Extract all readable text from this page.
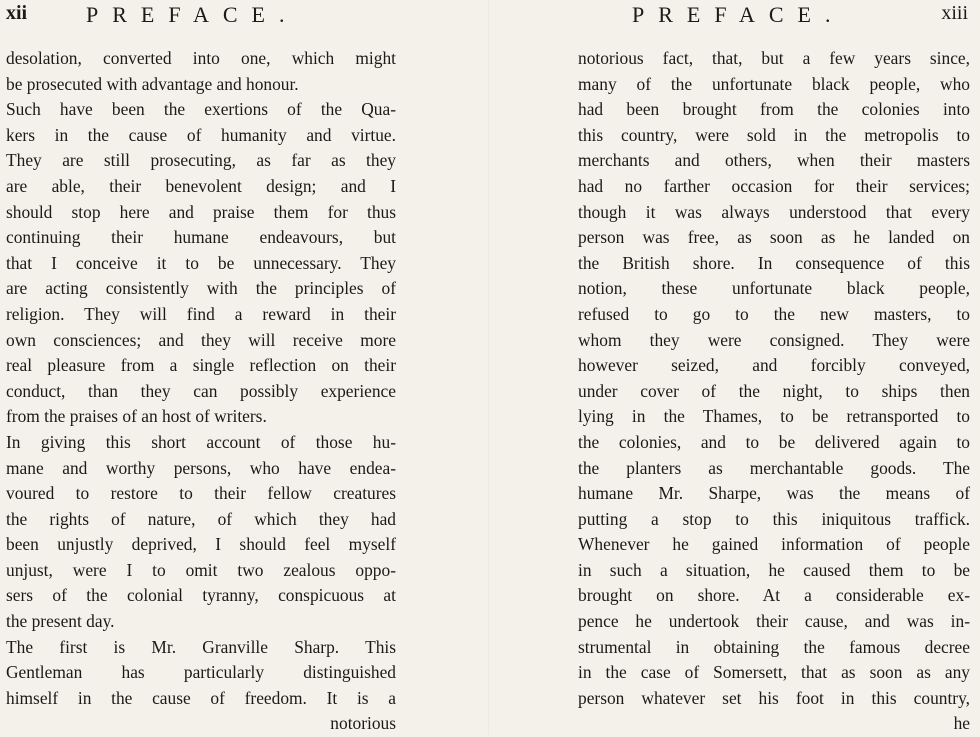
xii	PREFACE.
desolation, converted into one, which might
be prosecuted with advantage and honour.
Such have been the exertions of the Qua-
kers in the cause of humanity and virtue.
They are still prosecuting, as far as they
are able, their benevolent design; and I
should stop here and praise them for thus
continuing their humane endeavours, but
that I conceive it to be unnecessary. They
are acting consistently with the principles of
religion. They will find a reward in their
own consciences; and they will receive more
real pleasure from a single reflection on their
conduct, than they can possibly experience
from the praises of an host of writers.
In giving this short account of those hu-
mane and worthy persons, who have endea-
voured to restore to their fellow creatures
the rights of nature, of which they had
been unjustly deprived, I should feel myself
unjust, were I to omit two zealous oppo-
sers of the colonial tyranny, conspicuous at
the present day.
The first is Mr. Granville Sharp. This
Gentleman has particularly distinguished
himself in the cause of freedom. It is a
notorious
PREFACE.	xiii
notorious fact, that, but a few years since,
many of the unfortunate black people, who
had been brought from the colonies into
this country, were sold in the metropolis to
merchants and others, when their masters
had no farther occasion for their services;
though it was always understood that every
person was free, as soon as he landed on
the British shore. In consequence of this
notion, these unfortunate black people,
refused to go to the new masters, to
whom they were consigned. They were
however seized, and forcibly conveyed,
under cover of the night, to ships then
lying in the Thames, to be retransported to
the colonies, and to be delivered again to
the planters as merchantable goods. The
humane Mr. Sharpe, was the means of
putting a stop to this iniquitous traffick.
Whenever he gained information of people
in such a situation, he caused them to be
brought on shore. At a considerable ex-
pence he undertook their cause, and was in-
strumental in obtaining the famous decree
in the case of Somersett, that as soon as any
person whatever set his foot in this country,
he
